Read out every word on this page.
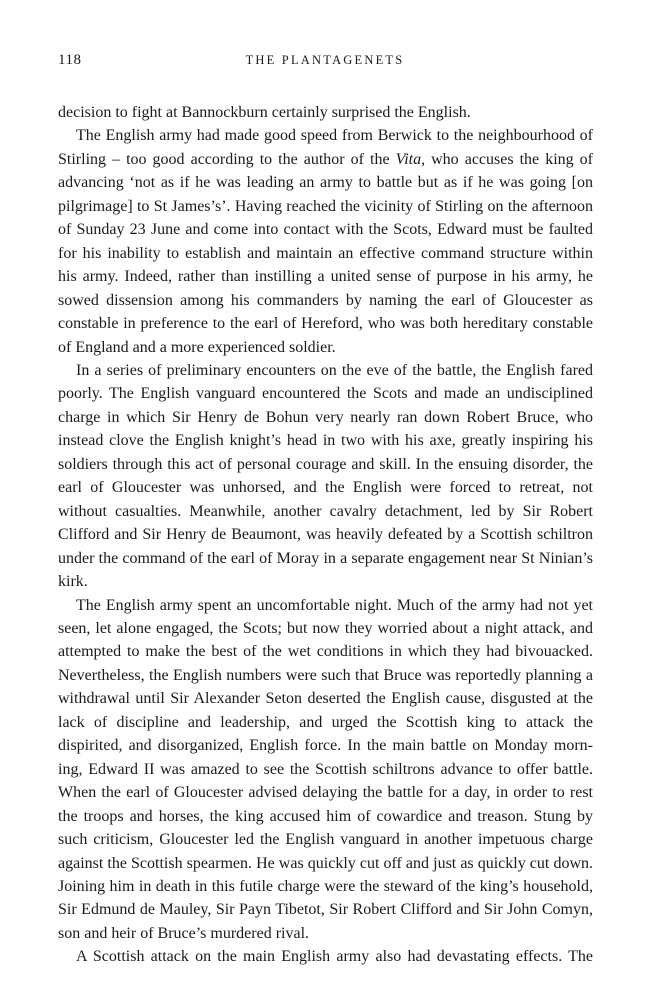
118	THE PLANTAGENETS

decision to fight at Bannockburn certainly surprised the English.

The English army had made good speed from Berwick to the neighbourhood of Stirling – too good according to the author of the Vita, who accuses the king of advancing ‘not as if he was leading an army to battle but as if he was going [on pilgrimage] to St James’s’. Having reached the vicinity of Stirling on the afternoon of Sunday 23 June and come into contact with the Scots, Edward must be faulted for his inability to establish and maintain an effective command structure within his army. Indeed, rather than instilling a united sense of purpose in his army, he sowed dissension among his commanders by naming the earl of Gloucester as constable in preference to the earl of Hereford, who was both hereditary constable of England and a more experienced soldier.

In a series of preliminary encounters on the eve of the battle, the English fared poorly. The English vanguard encountered the Scots and made an undisciplined charge in which Sir Henry de Bohun very nearly ran down Robert Bruce, who instead clove the English knight’s head in two with his axe, greatly inspiring his soldiers through this act of personal courage and skill. In the ensuing disorder, the earl of Gloucester was unhorsed, and the English were forced to retreat, not without casualties. Meanwhile, another cavalry detachment, led by Sir Robert Clifford and Sir Henry de Beaumont, was heavily defeated by a Scottish schiltron under the command of the earl of Moray in a separate engagement near St Ninian’s kirk.

The English army spent an uncomfortable night. Much of the army had not yet seen, let alone engaged, the Scots; but now they worried about a night attack, and attempted to make the best of the wet conditions in which they had bivouacked. Nevertheless, the English numbers were such that Bruce was reportedly planning a withdrawal until Sir Alexander Seton deserted the English cause, disgusted at the lack of discipline and leadership, and urged the Scottish king to attack the dispirited, and disorganized, English force. In the main battle on Monday morn-ing, Edward II was amazed to see the Scottish schiltrons advance to offer battle. When the earl of Gloucester advised delaying the battle for a day, in order to rest the troops and horses, the king accused him of cowardice and treason. Stung by such criticism, Gloucester led the English vanguard in another impetuous charge against the Scottish spearmen. He was quickly cut off and just as quickly cut down. Joining him in death in this futile charge were the steward of the king’s household, Sir Edmund de Mauley, Sir Payn Tibetot, Sir Robert Clifford and Sir John Comyn, son and heir of Bruce’s murdered rival.

A Scottish attack on the main English army also had devastating effects. The
